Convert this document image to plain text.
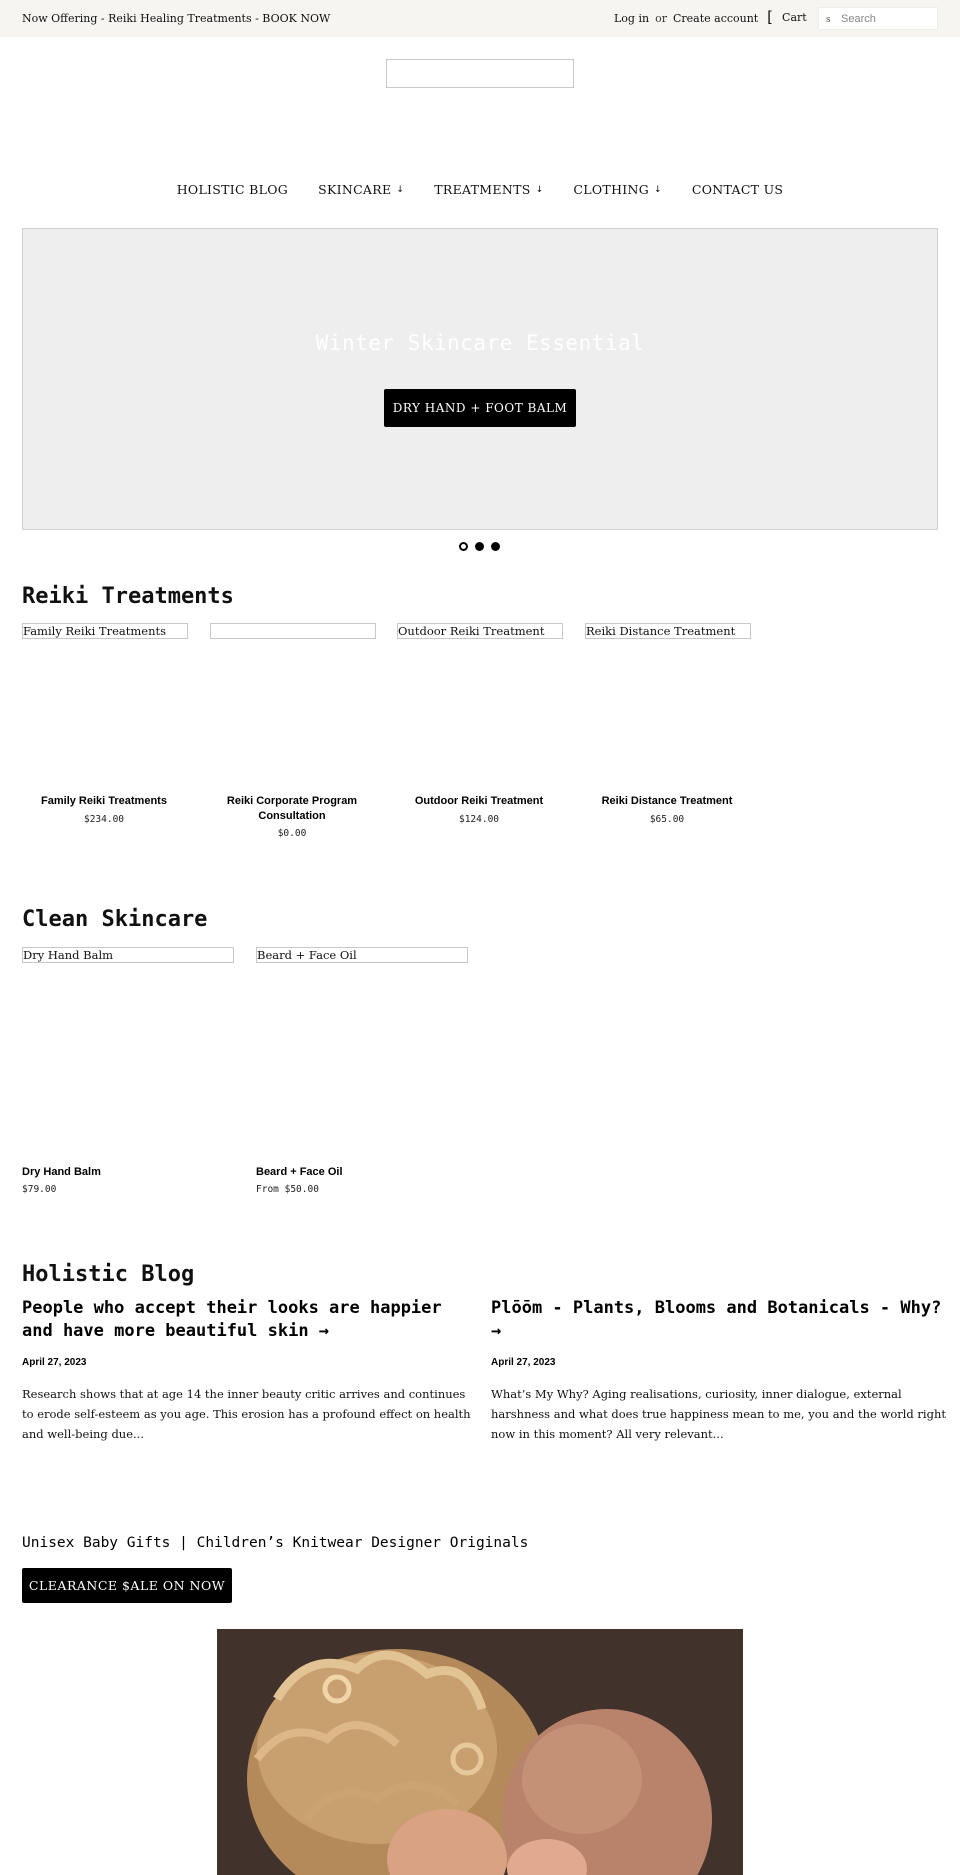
Now Offering - Reiki Healing Treatments - BOOK NOW	Log in or Create account [ Cart s
Search
HOLISTIC BLOG SKINCARE ↓ TREATMENTS ↓ CLOTHING ↓ CONTACT US
Winter Skincare Essential
DRY HAND + FOOT BALM
Reiki Treatments
Family Reiki Treatments
Family Reiki Treatments
$234.00
Reiki Corporate Program Consultation
$0.00
Outdoor Reiki Treatment
Outdoor Reiki Treatment
$124.00
Reiki Distance Treatment
Reiki Distance Treatment
$65.00
Clean Skincare
Dry Hand Balm
Dry Hand Balm
$79.00
Beard + Face Oil
Beard + Face Oil
From $50.00
Holistic Blog
People who accept their looks are happier and have more beautiful skin →
April 27, 2023
Research shows that at age 14 the inner beauty critic arrives and continues to erode self-esteem as you age. This erosion has a profound effect on health and well-being due...
Plōōm - Plants, Blooms and Botanicals - Why? →
April 27, 2023
What’s My Why? Aging realisations, curiosity, inner dialogue, external harshness and what does true happiness mean to me, you and the world right now in this moment? All very relevant...
Unisex Baby Gifts | Children’s Knitwear Designer Originals
CLEARANCE $ALE ON NOW
